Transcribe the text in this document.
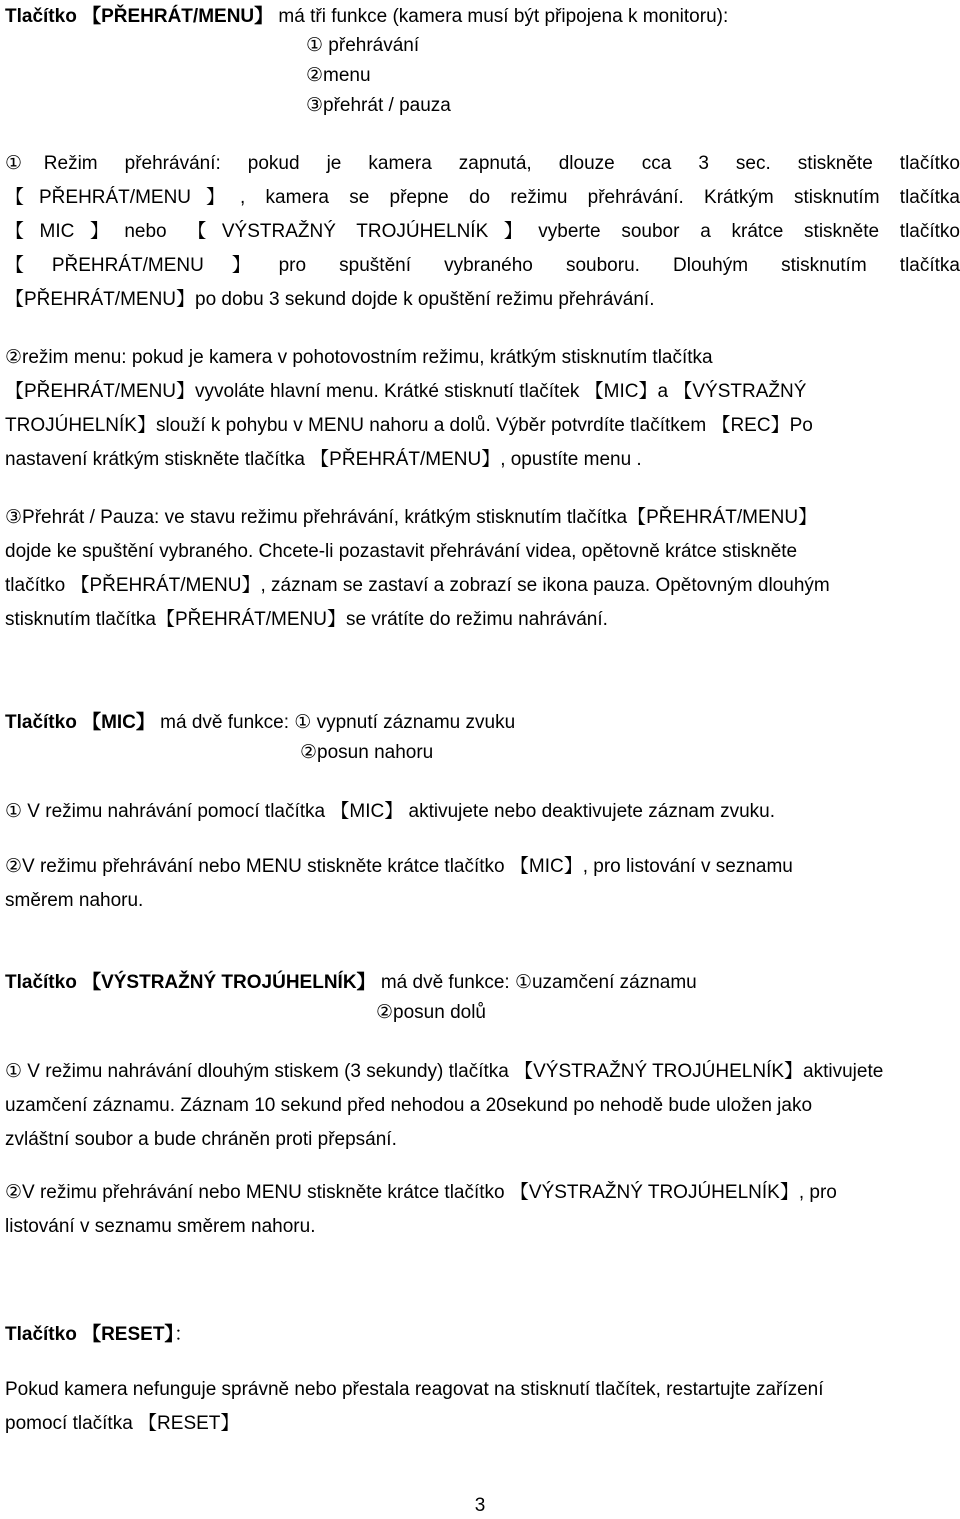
Tlačítko 【PŘEHRÁT/MENU】 má tři funkce (kamera musí být připojena k monitoru):

① přehrávání

②menu

③přehrát / pauza

①Režim přehrávání: pokud je kamera zapnutá, dlouze cca 3 sec. stiskněte tlačítko
【PŘEHRÁT/MENU】, kamera se přepne do režimu přehrávání. Krátkým stisknutím tlačítka
【MIC】nebo 【VÝSTRAŽNÝ TROJÚHELNÍK】vyberte soubor a krátce stiskněte tlačítko
【PŘEHRÁT/MENU】pro spuštění vybraného souboru. Dlouhým stisknutím tlačítka
【PŘEHRÁT/MENU】po dobu 3 sekund dojde k opuštění režimu přehrávání.
②režim menu: pokud je kamera v pohotovostním režimu, krátkým stisknutím tlačítka
【PŘEHRÁT/MENU】vyvoláte hlavní menu. Krátké stisknutí tlačítek 【MIC】a 【VÝSTRAŽNÝ
TROJÚHELNÍK】slouží k pohybu v MENU nahoru a dolů. Výběr potvrdíte tlačítkem 【REC】Po
nastavení krátkým stiskněte tlačítka 【PŘEHRÁT/MENU】, opustíte menu .
③Přehrát / Pauza: ve stavu režimu přehrávání, krátkým stisknutím tlačítka【PŘEHRÁT/MENU】
dojde ke spuštění vybraného. Chcete-li pozastavit přehrávání videa, opětovně krátce stiskněte
tlačítko 【PŘEHRÁT/MENU】, záznam se zastaví a zobrazí se ikona pauza. Opětovným dlouhým
stisknutím tlačítka【PŘEHRÁT/MENU】se vrátíte do režimu nahrávání.

Tlačítko 【MIC】 má dvě funkce: ① vypnutí záznamu zvuku

②posun nahoru

① V režimu nahrávání pomocí tlačítka 【MIC】 aktivujete nebo deaktivujete záznam zvuku.
②V režimu přehrávání nebo MENU stiskněte krátce tlačítko 【MIC】, pro listování v seznamu
směrem nahoru.

Tlačítko 【VÝSTRAŽNÝ TROJÚHELNÍK】 má dvě funkce: ①uzamčení záznamu

②posun dolů

① V režimu nahrávání dlouhým stiskem (3 sekundy) tlačítka 【VÝSTRAŽNÝ TROJÚHELNÍK】aktivujete
uzamčení záznamu. Záznam 10 sekund před nehodou a 20sekund po nehodě bude uložen jako
zvláštní soubor a bude chráněn proti přepsání.
②V režimu přehrávání nebo MENU stiskněte krátce tlačítko 【VÝSTRAŽNÝ TROJÚHELNÍK】, pro
listování v seznamu směrem nahoru.

Tlačítko 【RESET】：

Pokud kamera nefunguje správně nebo přestala reagovat na stisknutí tlačítek, restartujte zařízení
pomocí tlačítka 【RESET】
3
